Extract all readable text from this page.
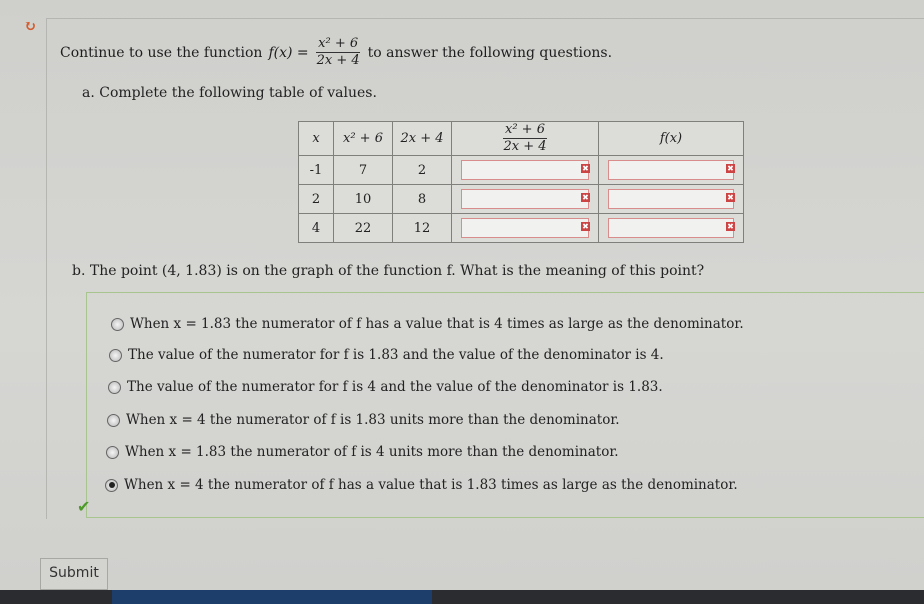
↻
Continue to use the function $f(x) = \frac{\text{x² + 6}}{2x + 4}$ to answer the following questions.
a. Complete the following table of values.
x	x² + 6	2x + 4	$\frac{\text{x² + 6}}{2x + 4}$	f(x)
-1	7	2	✖	✖

2	10	8	✖	✖

4	22	12	✖	✖
b. The point (4, 1.83) is on the graph of the function f. What is the meaning of this point?
When x = 1.83 the numerator of f has a value that is 4 times as large as the denominator.
The value of the numerator for f is 1.83 and the value of the denominator is 4.
The value of the numerator for f is 4 and the value of the denominator is 1.83.
When x = 4 the numerator of f is 1.83 units more than the denominator.
When x = 1.83 the numerator of f is 4 units more than the denominator.
When x = 4 the numerator of f has a value that is 1.83 times as large as the denominator.
✔
Submit
